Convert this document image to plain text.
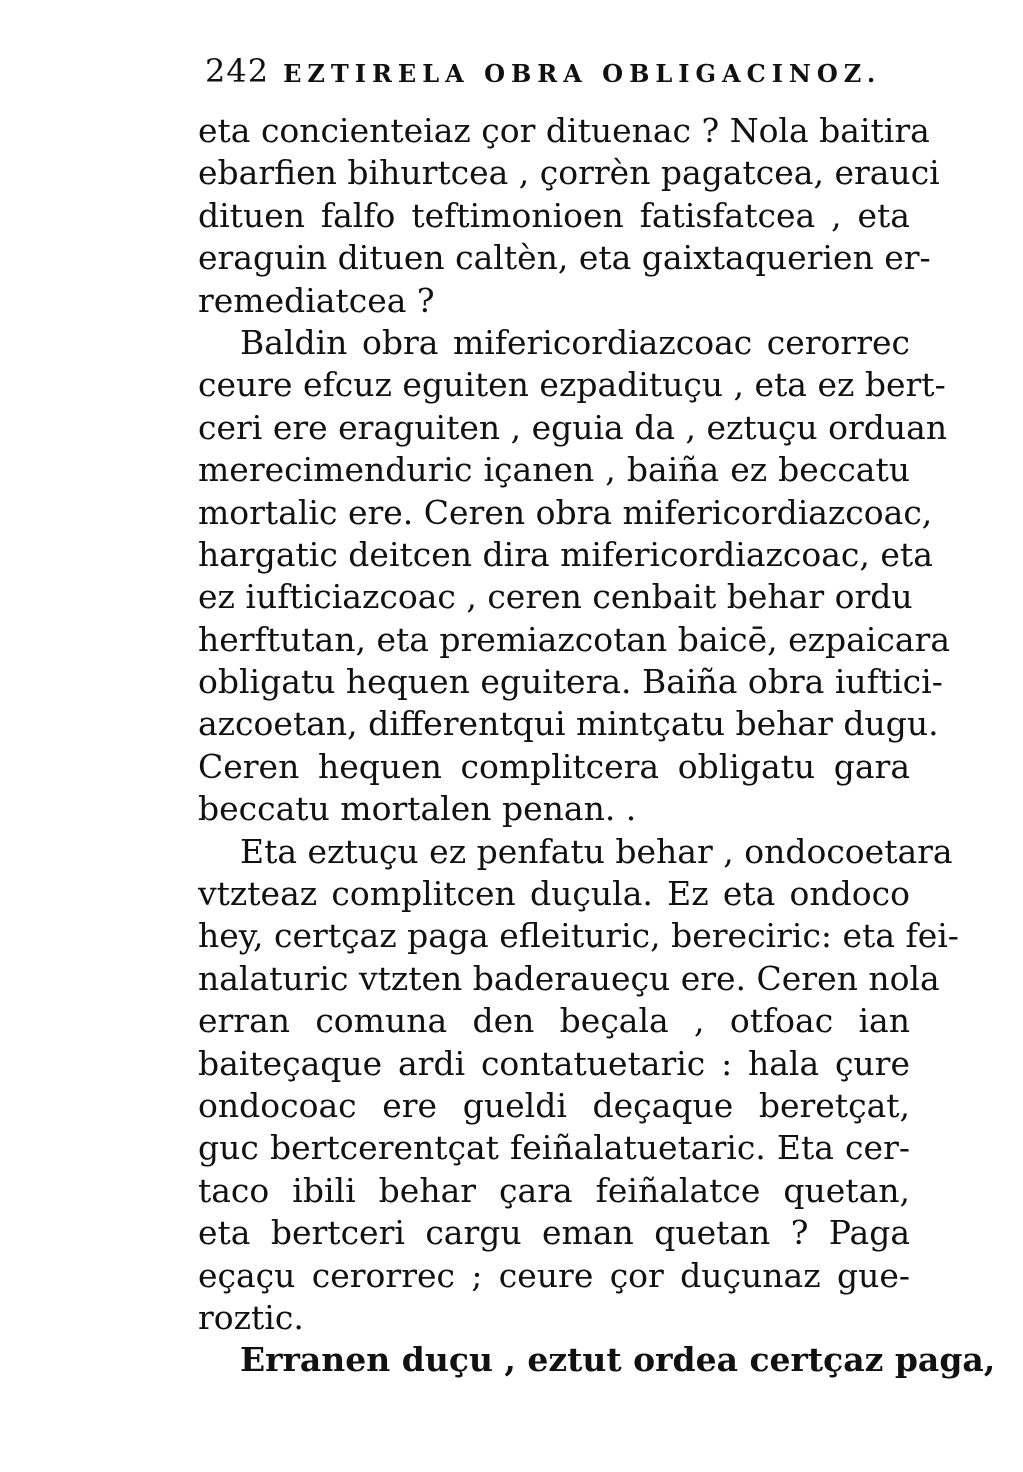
242 EZTIRELA OBRA OBLIGACINOZ.
eta concienteiaz çor dituenac ? Nola baitira
ebarfien bihurtcea , çorrèn pagatcea, erauci
dituen falfo teftimonioen fatisfatcea , eta
eraguin dituen caltèn, eta gaixtaquerien er-
remediatcea ?
Baldin obra mifericordiazcoac cerorrec
ceure efcuz eguiten ezpadituçu , eta ez bert-
ceri ere eraguiten , eguia da , eztuçu orduan
merecimenduric içanen , baiña ez beccatu
mortalic ere. Ceren obra mifericordiazcoac,
hargatic deitcen dira mifericordiazcoac, eta
ez iufticiazcoac , ceren cenbait behar ordu
herftutan, eta premiazcotan baicē, ezpaicara
obligatu hequen eguitera. Baiña obra iuftici-
azcoetan, differentqui mintçatu behar dugu.
Ceren hequen complitcera obligatu gara
beccatu mortalen penan. .
Eta eztuçu ez penfatu behar , ondocoetara
vtzteaz complitcen duçula. Ez eta ondoco
hey, certçaz paga efleituric, bereciric: eta fei-
nalaturic vtzten baderaueçu ere. Ceren nola
erran comuna den beçala , otfoac ian
baiteçaque ardi contatuetaric : hala çure
ondocoac ere gueldi deçaque beretçat,
guc bertcerentçat feiñalatuetaric. Eta cer-
taco ibili behar çara feiñalatce quetan,
eta bertceri cargu eman quetan ? Paga
eçaçu cerorrec ; ceure çor duçunaz gue-
roztic.
Erranen duçu , eztut ordea certçaz paga,
